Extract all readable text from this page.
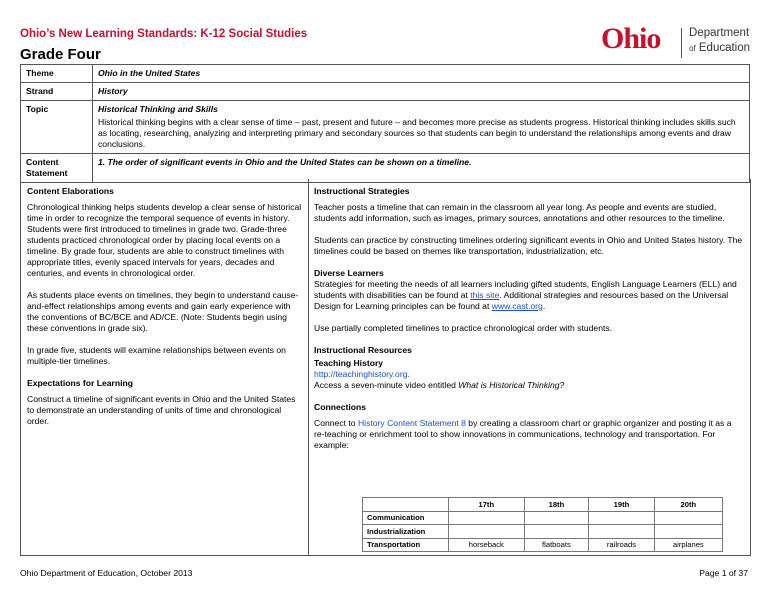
Ohio’s New Learning Standards: K-12 Social Studies
Grade Four	Ohio Department
of Education
Theme	Ohio in the United States
Strand	History
Topic	Historical Thinking and Skills
Historical thinking begins with a clear sense of time – past, present and future – and becomes more precise as students progress. Historical thinking includes skills such as locating, researching, analyzing and interpreting primary and secondary sources so that students can begin to understand the relationships among events and draw conclusions.

Content
Statement	1. The order of significant events in Ohio and the United States can be shown on a timeline.

Content Elaborations

Chronological thinking helps students develop a clear sense of historical time in order to recognize the temporal sequence of events in history. Students were first introduced to timelines in grade two. Grade-three students practiced chronological order by placing local events on a timeline. By grade four, students are able to construct timelines with appropriate titles, evenly spaced intervals for years, decades and centuries, and events in chronological order.

As students place events on timelines, they begin to understand cause-and-effect relationships among events and gain early experience with the conventions of BC/BCE and AD/CE. (Note: Students begin using these conventions in grade six).

In grade five, students will examine relationships between events on multiple-tier timelines.

Expectations for Learning

Construct a timeline of significant events in Ohio and the United States to demonstrate an understanding of units of time and chronological order.

Instructional Strategies

Teacher posts a timeline that can remain in the classroom all year long. As people and events are studied, students add information, such as images, primary sources, annotations and other resources to the timeline.

Students can practice by constructing timelines ordering significant events in Ohio and United States history. The timelines could be based on themes like transportation, industrialization, etc.

Diverse Learners

Strategies for meeting the needs of all learners including gifted students, English Language Learners (ELL) and students with disabilities can be found at this site. Additional strategies and resources based on the Universal Design for Learning principles can be found at www.cast.org.

Use partially completed timelines to practice chronological order with students.

Instructional Resources

Teaching History

http://teachinghistory.org.

Access a seven-minute video entitled What is Historical Thinking?

Connections

Connect to History Content Statement 8 by creating a classroom chart or graphic organizer and posting it as a re-teaching or enrichment tool to show innovations in communications, technology and transportation. For example:

	17th	18th	19th	20th
Communication				
Industrialization				
Transportation	horseback	flatboats	railroads	airplanes
Ohio Department of Education, October 2013	Page 1 of 37
